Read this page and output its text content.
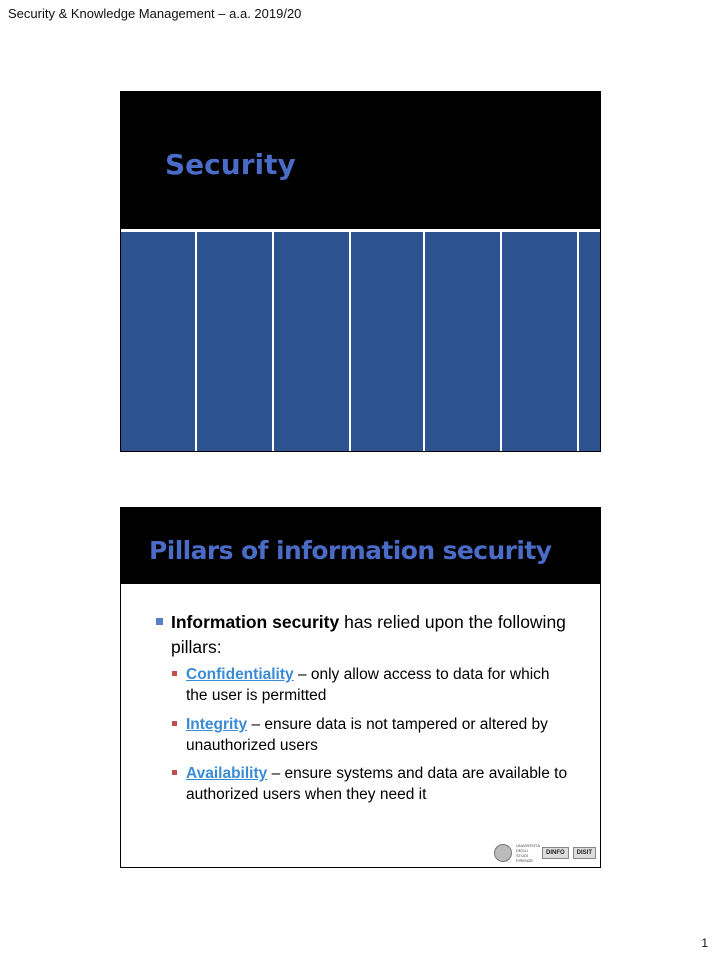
Security & Knowledge Management – a.a. 2019/20
Security
Pillars of information security
Information security has relied upon the following pillars:
Confidentiality – only allow access to data for which the user is permitted
Integrity – ensure data is not tampered or altered by unauthorized users
Availability – ensure systems and data are available to authorized users when they need it
UNIVERSITÀ DEGLI STUDI FIRENZE
DINFO	DISIT
1
